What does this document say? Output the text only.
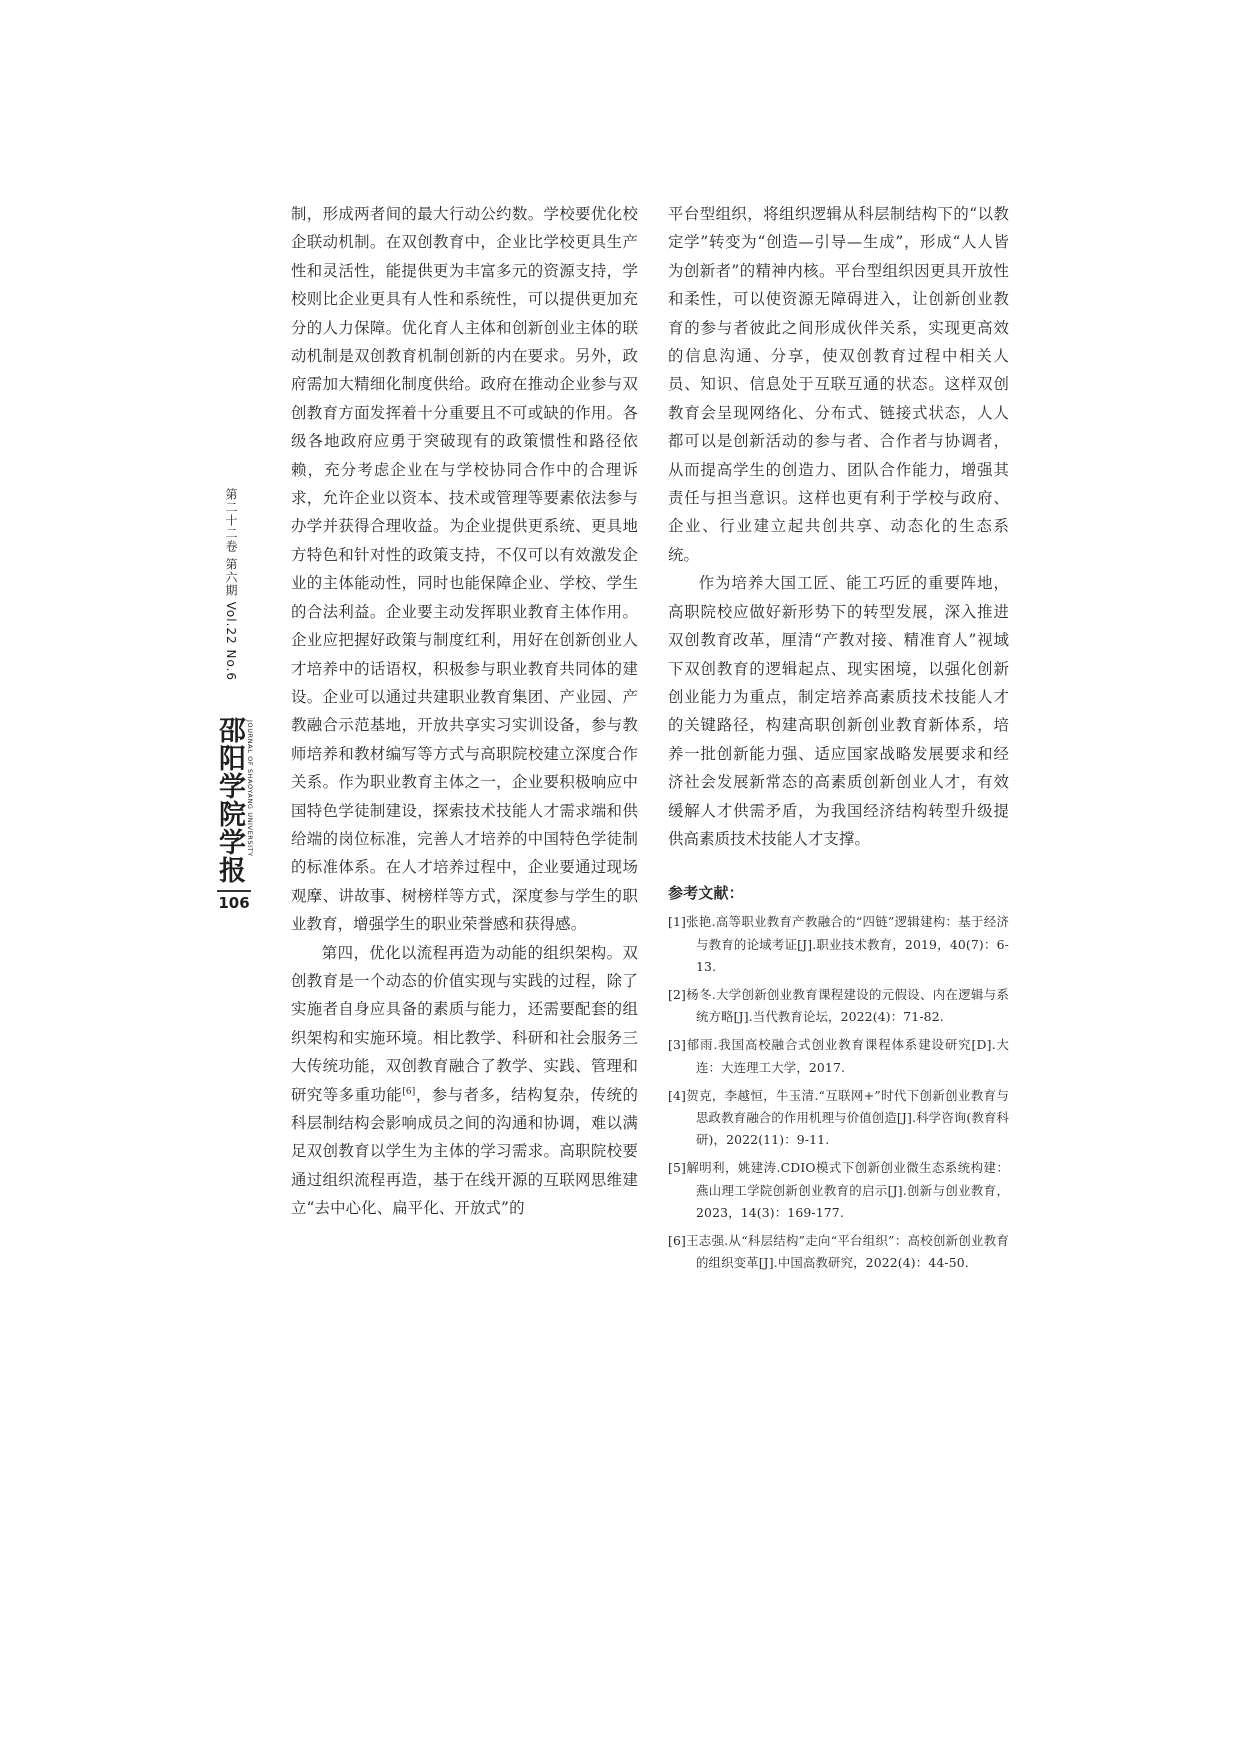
第二十二卷 第六期 Vol.22 No.6
邵阳学院学报 JOURNAL OF SHAOYANG UNIVERSITY
106

制，形成两者间的最大行动公约数。学校要优化校企联动机制。在双创教育中，企业比学校更具生产性和灵活性，能提供更为丰富多元的资源支持，学校则比企业更具有人性和系统性，可以提供更加充分的人力保障。优化育人主体和创新创业主体的联动机制是双创教育机制创新的内在要求。另外，政府需加大精细化制度供给。政府在推动企业参与双创教育方面发挥着十分重要且不可或缺的作用。各级各地政府应勇于突破现有的政策惯性和路径依赖，充分考虑企业在与学校协同合作中的合理诉求，允许企业以资本、技术或管理等要素依法参与办学并获得合理收益。为企业提供更系统、更具地方特色和针对性的政策支持，不仅可以有效激发企业的主体能动性，同时也能保障企业、学校、学生的合法利益。企业要主动发挥职业教育主体作用。企业应把握好政策与制度红利，用好在创新创业人才培养中的话语权，积极参与职业教育共同体的建设。企业可以通过共建职业教育集团、产业园、产教融合示范基地，开放共享实习实训设备，参与教师培养和教材编写等方式与高职院校建立深度合作关系。作为职业教育主体之一，企业要积极响应中国特色学徒制建设，探索技术技能人才需求端和供给端的岗位标准，完善人才培养的中国特色学徒制的标准体系。在人才培养过程中，企业要通过现场观摩、讲故事、树榜样等方式，深度参与学生的职业教育，增强学生的职业荣誉感和获得感。

第四，优化以流程再造为动能的组织架构。双创教育是一个动态的价值实现与实践的过程，除了实施者自身应具备的素质与能力，还需要配套的组织架构和实施环境。相比教学、科研和社会服务三大传统功能，双创教育融合了教学、实践、管理和研究等多重功能[6]，参与者多，结构复杂，传统的科层制结构会影响成员之间的沟通和协调，难以满足双创教育以学生为主体的学习需求。高职院校要通过组织流程再造，基于在线开源的互联网思维建立“去中心化、扁平化、开放式”的

平台型组织，将组织逻辑从科层制结构下的“以教定学”转变为“创造—引导—生成”，形成“人人皆为创新者”的精神内核。平台型组织因更具开放性和柔性，可以使资源无障碍进入，让创新创业教育的参与者彼此之间形成伙伴关系，实现更高效的信息沟通、分享，使双创教育过程中相关人员、知识、信息处于互联互通的状态。这样双创教育会呈现网络化、分布式、链接式状态，人人都可以是创新活动的参与者、合作者与协调者，从而提高学生的创造力、团队合作能力，增强其责任与担当意识。这样也更有利于学校与政府、企业、行业建立起共创共享、动态化的生态系统。

作为培养大国工匠、能工巧匠的重要阵地，高职院校应做好新形势下的转型发展，深入推进双创教育改革，厘清“产教对接、精准育人”视域下双创教育的逻辑起点、现实困境，以强化创新创业能力为重点，制定培养高素质技术技能人才的关键路径，构建高职创新创业教育新体系，培养一批创新能力强、适应国家战略发展要求和经济社会发展新常态的高素质创新创业人才，有效缓解人才供需矛盾，为我国经济结构转型升级提供高素质技术技能人才支撑。

参考文献：
[1]张艳.高等职业教育产教融合的“四链”逻辑建构：基于经济与教育的论域考证[J].职业技术教育，2019，40(7)：6-13.
[2]杨冬.大学创新创业教育课程建设的元假设、内在逻辑与系统方略[J].当代教育论坛，2022(4)：71-82.
[3]郁雨.我国高校融合式创业教育课程体系建设研究[D].大连：大连理工大学，2017.
[4]贺克，李越恒，牛玉清.“互联网+”时代下创新创业教育与思政教育融合的作用机理与价值创造[J].科学咨询(教育科研)，2022(11)：9-11.
[5]解明利，姚建涛.CDIO模式下创新创业微生态系统构建：燕山理工学院创新创业教育的启示[J].创新与创业教育，2023，14(3)：169-177.
[6]王志强.从“科层结构”走向“平台组织”：高校创新创业教育的组织变革[J].中国高教研究，2022(4)：44-50.
